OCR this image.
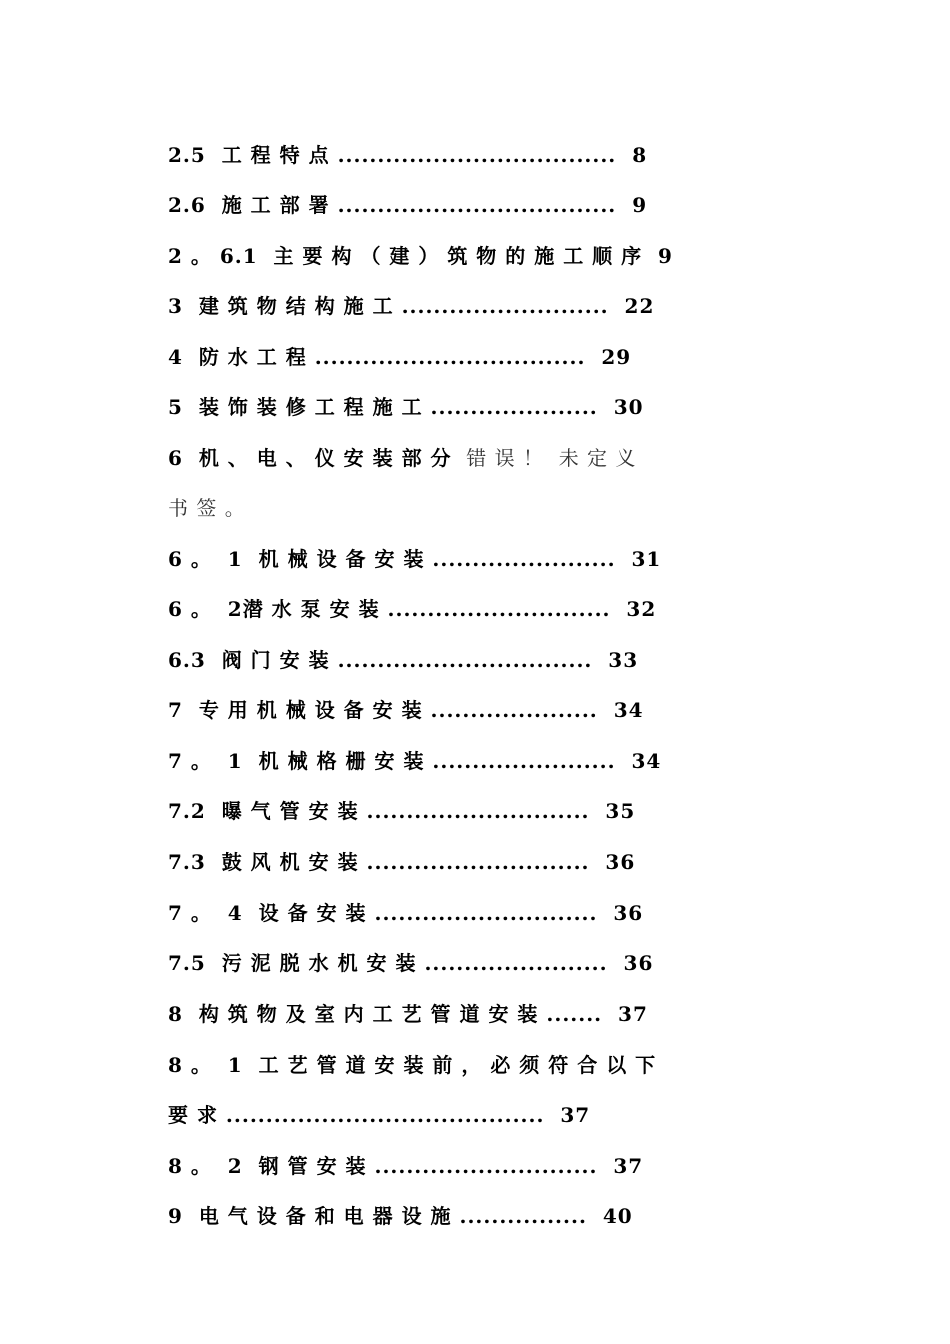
2.5  工 程 特 点 ...................................  8
2.6  施 工 部 署 ...................................  9
2 。 6.1  主 要 构 （ 建 ） 筑 物 的 施 工 顺 序  9
3  建 筑 物 结 构 施 工 ..........................  22
4  防 水 工 程 ..................................  29
5  装 饰 装 修 工 程 施 工 .....................  30
6  机 、 电 、 仪 安 装 部 分  错 误 ！  未 定 义
书 签 。
6 。  1  机 械 设 备 安 装 .......................  31
6 。  2潜 水 泵 安 装 ............................  32
6.3  阀 门 安 装 ................................  33
7  专 用 机 械 设 备 安 装 .....................  34
7 。  1  机 械 格 栅 安 装 .......................  34
7.2  曝 气 管 安 装 ............................  35
7.3  鼓 风 机 安 装 ............................  36
7 。  4  设 备 安 装 ............................  36
7.5  污 泥 脱 水 机 安 装 .......................  36
8  构 筑 物 及 室 内 工 艺 管 道 安 装 .......  37
8 。  1  工 艺 管 道 安 装 前 ， 必 须 符 合 以 下
要 求 ........................................  37
8 。  2  钢 管 安 装 ............................  37
9  电 气 设 备 和 电 器 设 施 ................  40
